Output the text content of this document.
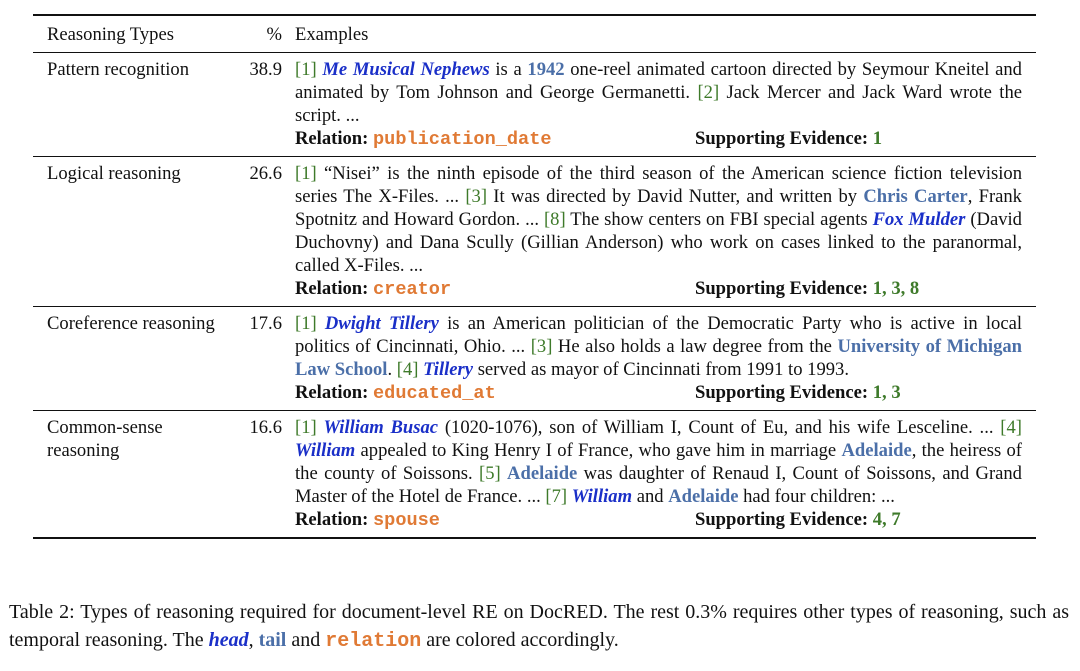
Reasoning Types	%	Examples
Pattern recognition	38.9	[1] Me Musical Nephews is a 1942 one-reel animated cartoon directed by Seymour Kneitel and animated by Tom Johnson and George Germanetti. [2] Jack Mercer and Jack Ward wrote the script. ...
Relation: publication_date Supporting Evidence: 1

Logical reasoning	26.6	[1] “Nisei” is the ninth episode of the third season of the American science fiction television series The X-Files. ... [3] It was directed by David Nutter, and written by Chris Carter, Frank Spotnitz and Howard Gordon. ... [8] The show centers on FBI special agents Fox Mulder (David Duchovny) and Dana Scully (Gillian Anderson) who work on cases linked to the paranormal, called X-Files. ...
Relation: creator Supporting Evidence: 1, 3, 8

Coreference reasoning	17.6	[1] Dwight Tillery is an American politician of the Democratic Party who is active in local politics of Cincinnati, Ohio. ... [3] He also holds a law degree from the University of Michigan Law School. [4] Tillery served as mayor of Cincinnati from 1991 to 1993.
Relation: educated_at Supporting Evidence: 1, 3

Common-sense reasoning	16.6	[1] William Busac (1020-1076), son of William I, Count of Eu, and his wife Lesceline. ... [4] William appealed to King Henry I of France, who gave him in marriage Adelaide, the heiress of the county of Soissons. [5] Adelaide was daughter of Renaud I, Count of Soissons, and Grand Master of the Hotel de France. ... [7] William and Adelaide had four children: ...
Relation: spouse Supporting Evidence: 4, 7
Table 2: Types of reasoning required for document-level RE on DocRED. The rest 0.3% requires other types of reasoning, such as temporal reasoning. The head, tail and relation are colored accordingly.
